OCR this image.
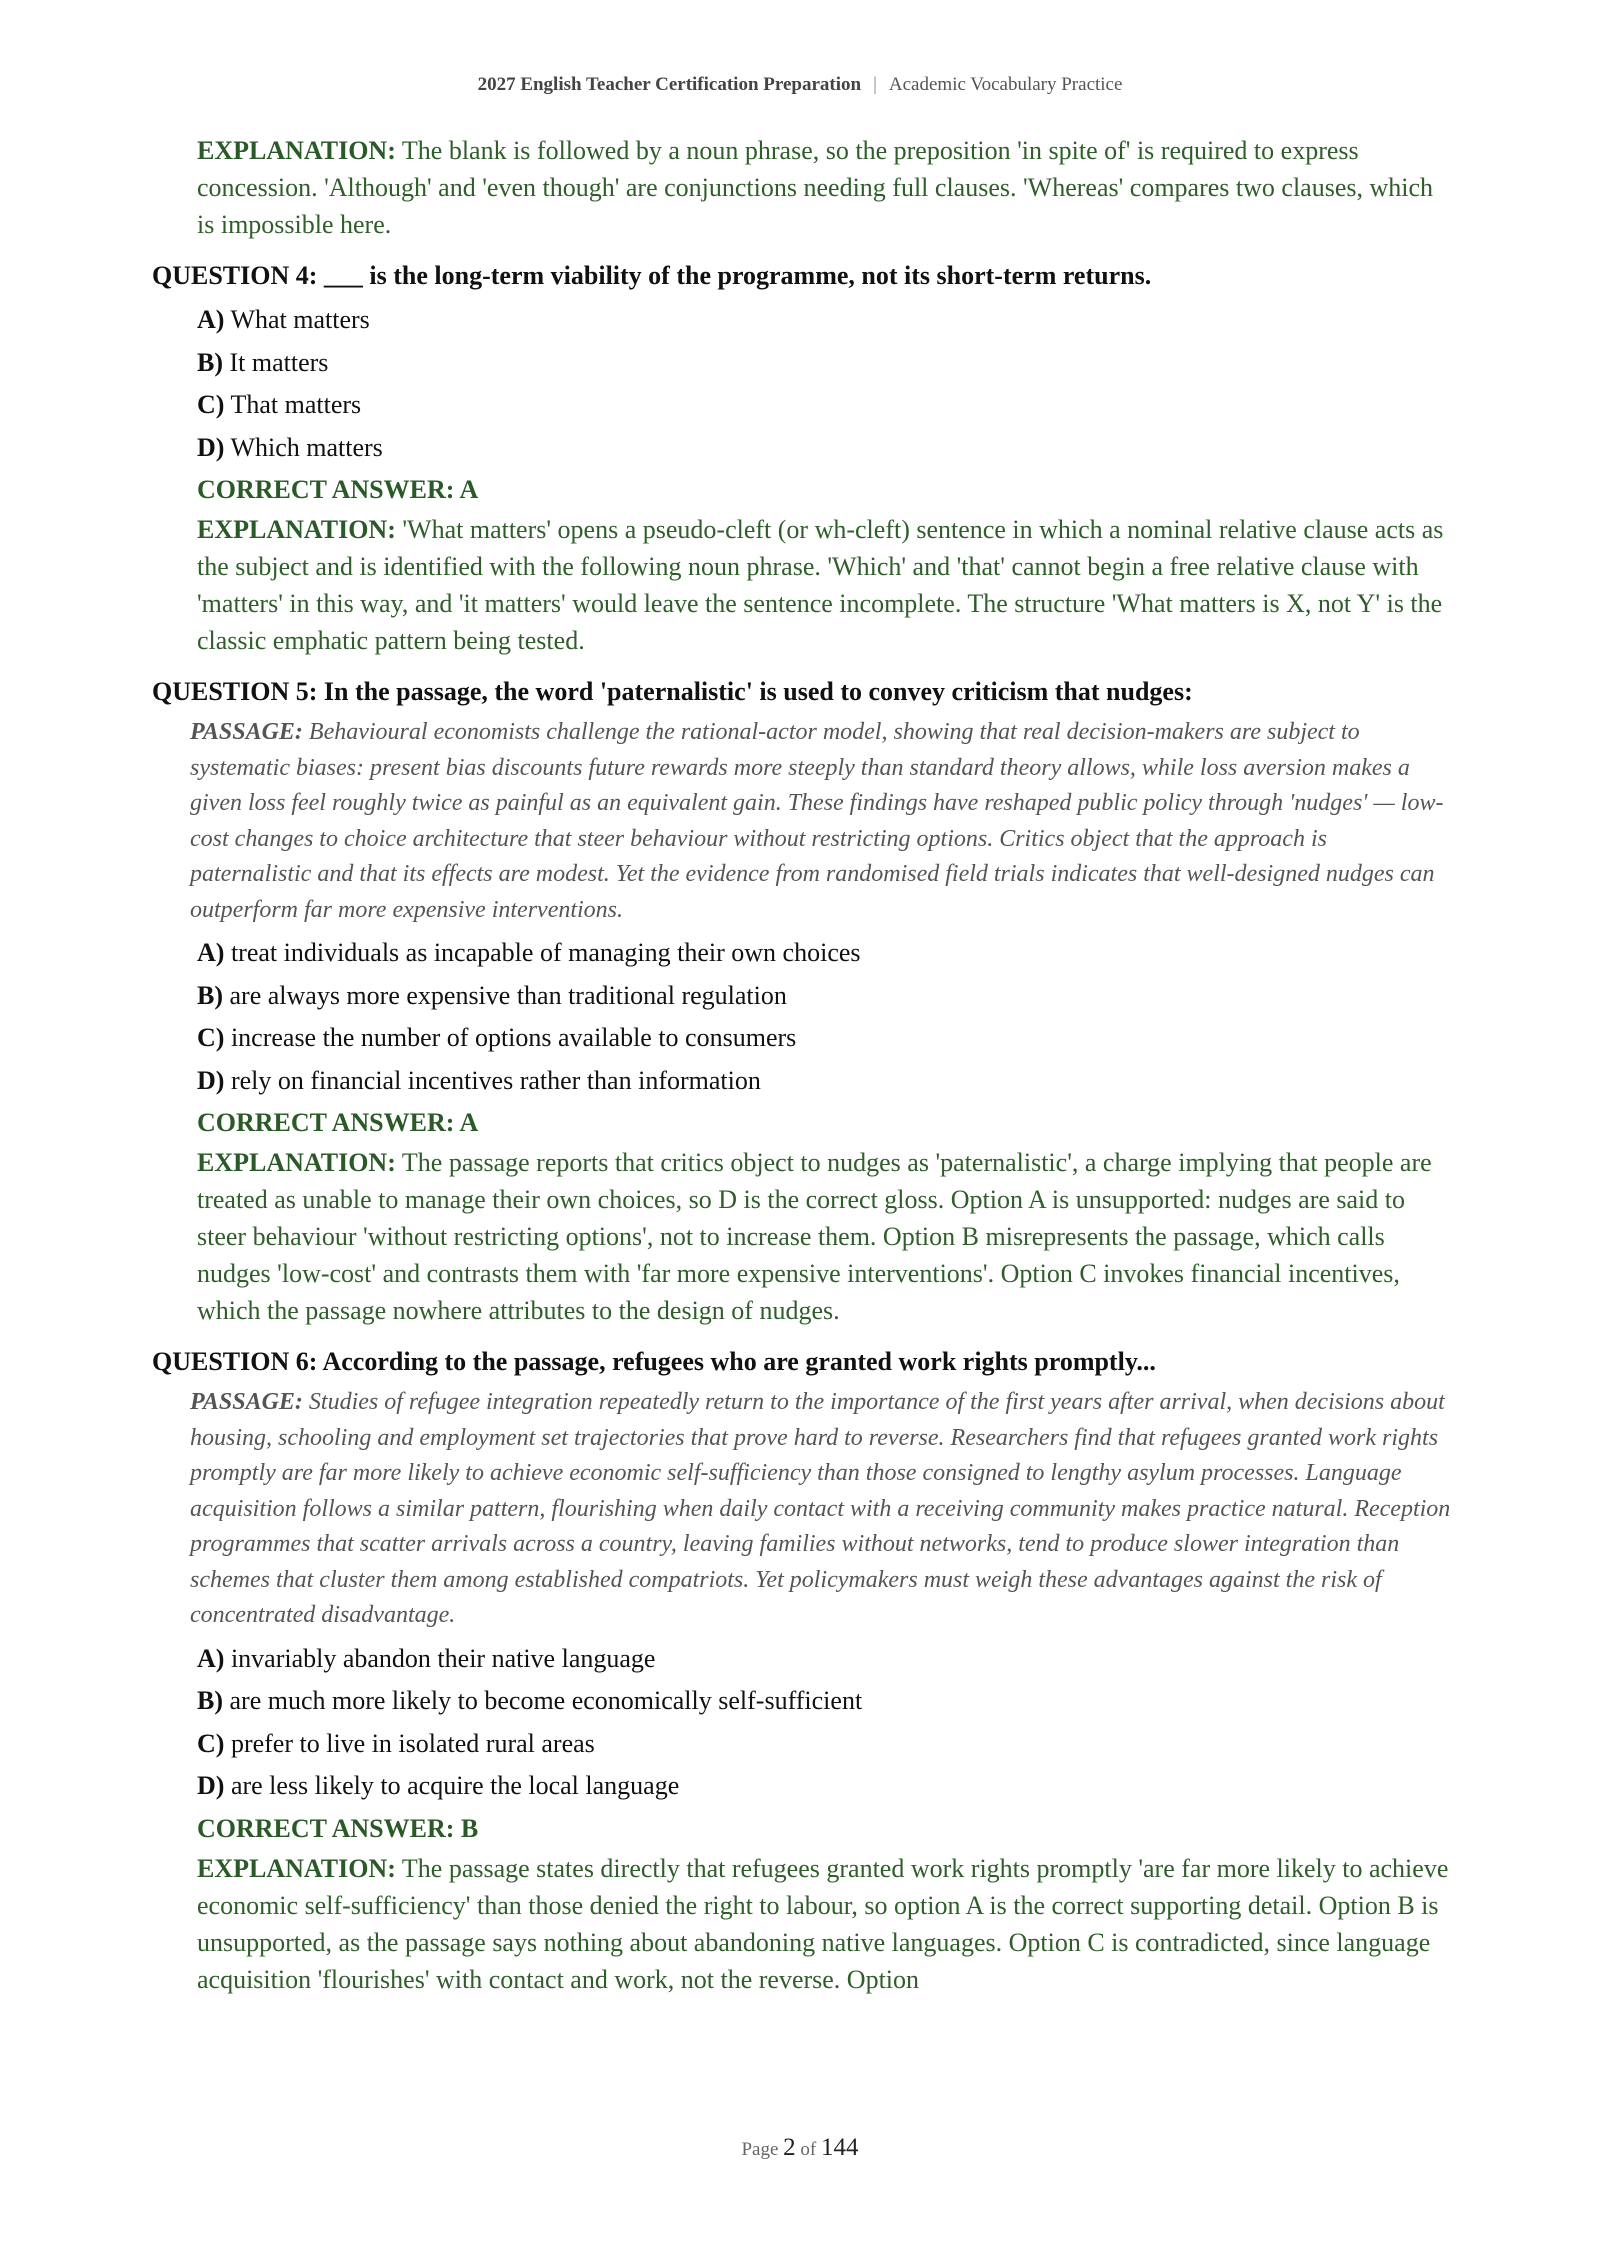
2027 English Teacher Certification Preparation | Academic Vocabulary Practice

EXPLANATION: The blank is followed by a noun phrase, so the preposition 'in spite of' is required to express concession. 'Although' and 'even though' are conjunctions needing full clauses. 'Whereas' compares two clauses, which is impossible here.

QUESTION 4: ___ is the long-term viability of the programme, not its short-term returns.
A) What matters
B) It matters
C) That matters
D) Which matters
CORRECT ANSWER: A

EXPLANATION: 'What matters' opens a pseudo-cleft (or wh-cleft) sentence in which a nominal relative clause acts as the subject and is identified with the following noun phrase. 'Which' and 'that' cannot begin a free relative clause with 'matters' in this way, and 'it matters' would leave the sentence incomplete. The structure 'What matters is X, not Y' is the classic emphatic pattern being tested.

QUESTION 5: In the passage, the word 'paternalistic' is used to convey criticism that nudges:

PASSAGE: Behavioural economists challenge the rational-actor model, showing that real decision-makers are subject to systematic biases: present bias discounts future rewards more steeply than standard theory allows, while loss aversion makes a given loss feel roughly twice as painful as an equivalent gain. These findings have reshaped public policy through 'nudges' — low-cost changes to choice architecture that steer behaviour without restricting options. Critics object that the approach is paternalistic and that its effects are modest. Yet the evidence from randomised field trials indicates that well-designed nudges can outperform far more expensive interventions.

A) treat individuals as incapable of managing their own choices
B) are always more expensive than traditional regulation
C) increase the number of options available to consumers
D) rely on financial incentives rather than information
CORRECT ANSWER: A

EXPLANATION: The passage reports that critics object to nudges as 'paternalistic', a charge implying that people are treated as unable to manage their own choices, so D is the correct gloss. Option A is unsupported: nudges are said to steer behaviour 'without restricting options', not to increase them. Option B misrepresents the passage, which calls nudges 'low-cost' and contrasts them with 'far more expensive interventions'. Option C invokes financial incentives, which the passage nowhere attributes to the design of nudges.

QUESTION 6: According to the passage, refugees who are granted work rights promptly...

PASSAGE: Studies of refugee integration repeatedly return to the importance of the first years after arrival, when decisions about housing, schooling and employment set trajectories that prove hard to reverse. Researchers find that refugees granted work rights promptly are far more likely to achieve economic self-sufficiency than those consigned to lengthy asylum processes. Language acquisition follows a similar pattern, flourishing when daily contact with a receiving community makes practice natural. Reception programmes that scatter arrivals across a country, leaving families without networks, tend to produce slower integration than schemes that cluster them among established compatriots. Yet policymakers must weigh these advantages against the risk of concentrated disadvantage.

A) invariably abandon their native language
B) are much more likely to become economically self-sufficient
C) prefer to live in isolated rural areas
D) are less likely to acquire the local language
CORRECT ANSWER: B

EXPLANATION: The passage states directly that refugees granted work rights promptly 'are far more likely to achieve economic self-sufficiency' than those denied the right to labour, so option A is the correct supporting detail. Option B is unsupported, as the passage says nothing about abandoning native languages. Option C is contradicted, since language acquisition 'flourishes' with contact and work, not the reverse. Option

Page 2 of 144
